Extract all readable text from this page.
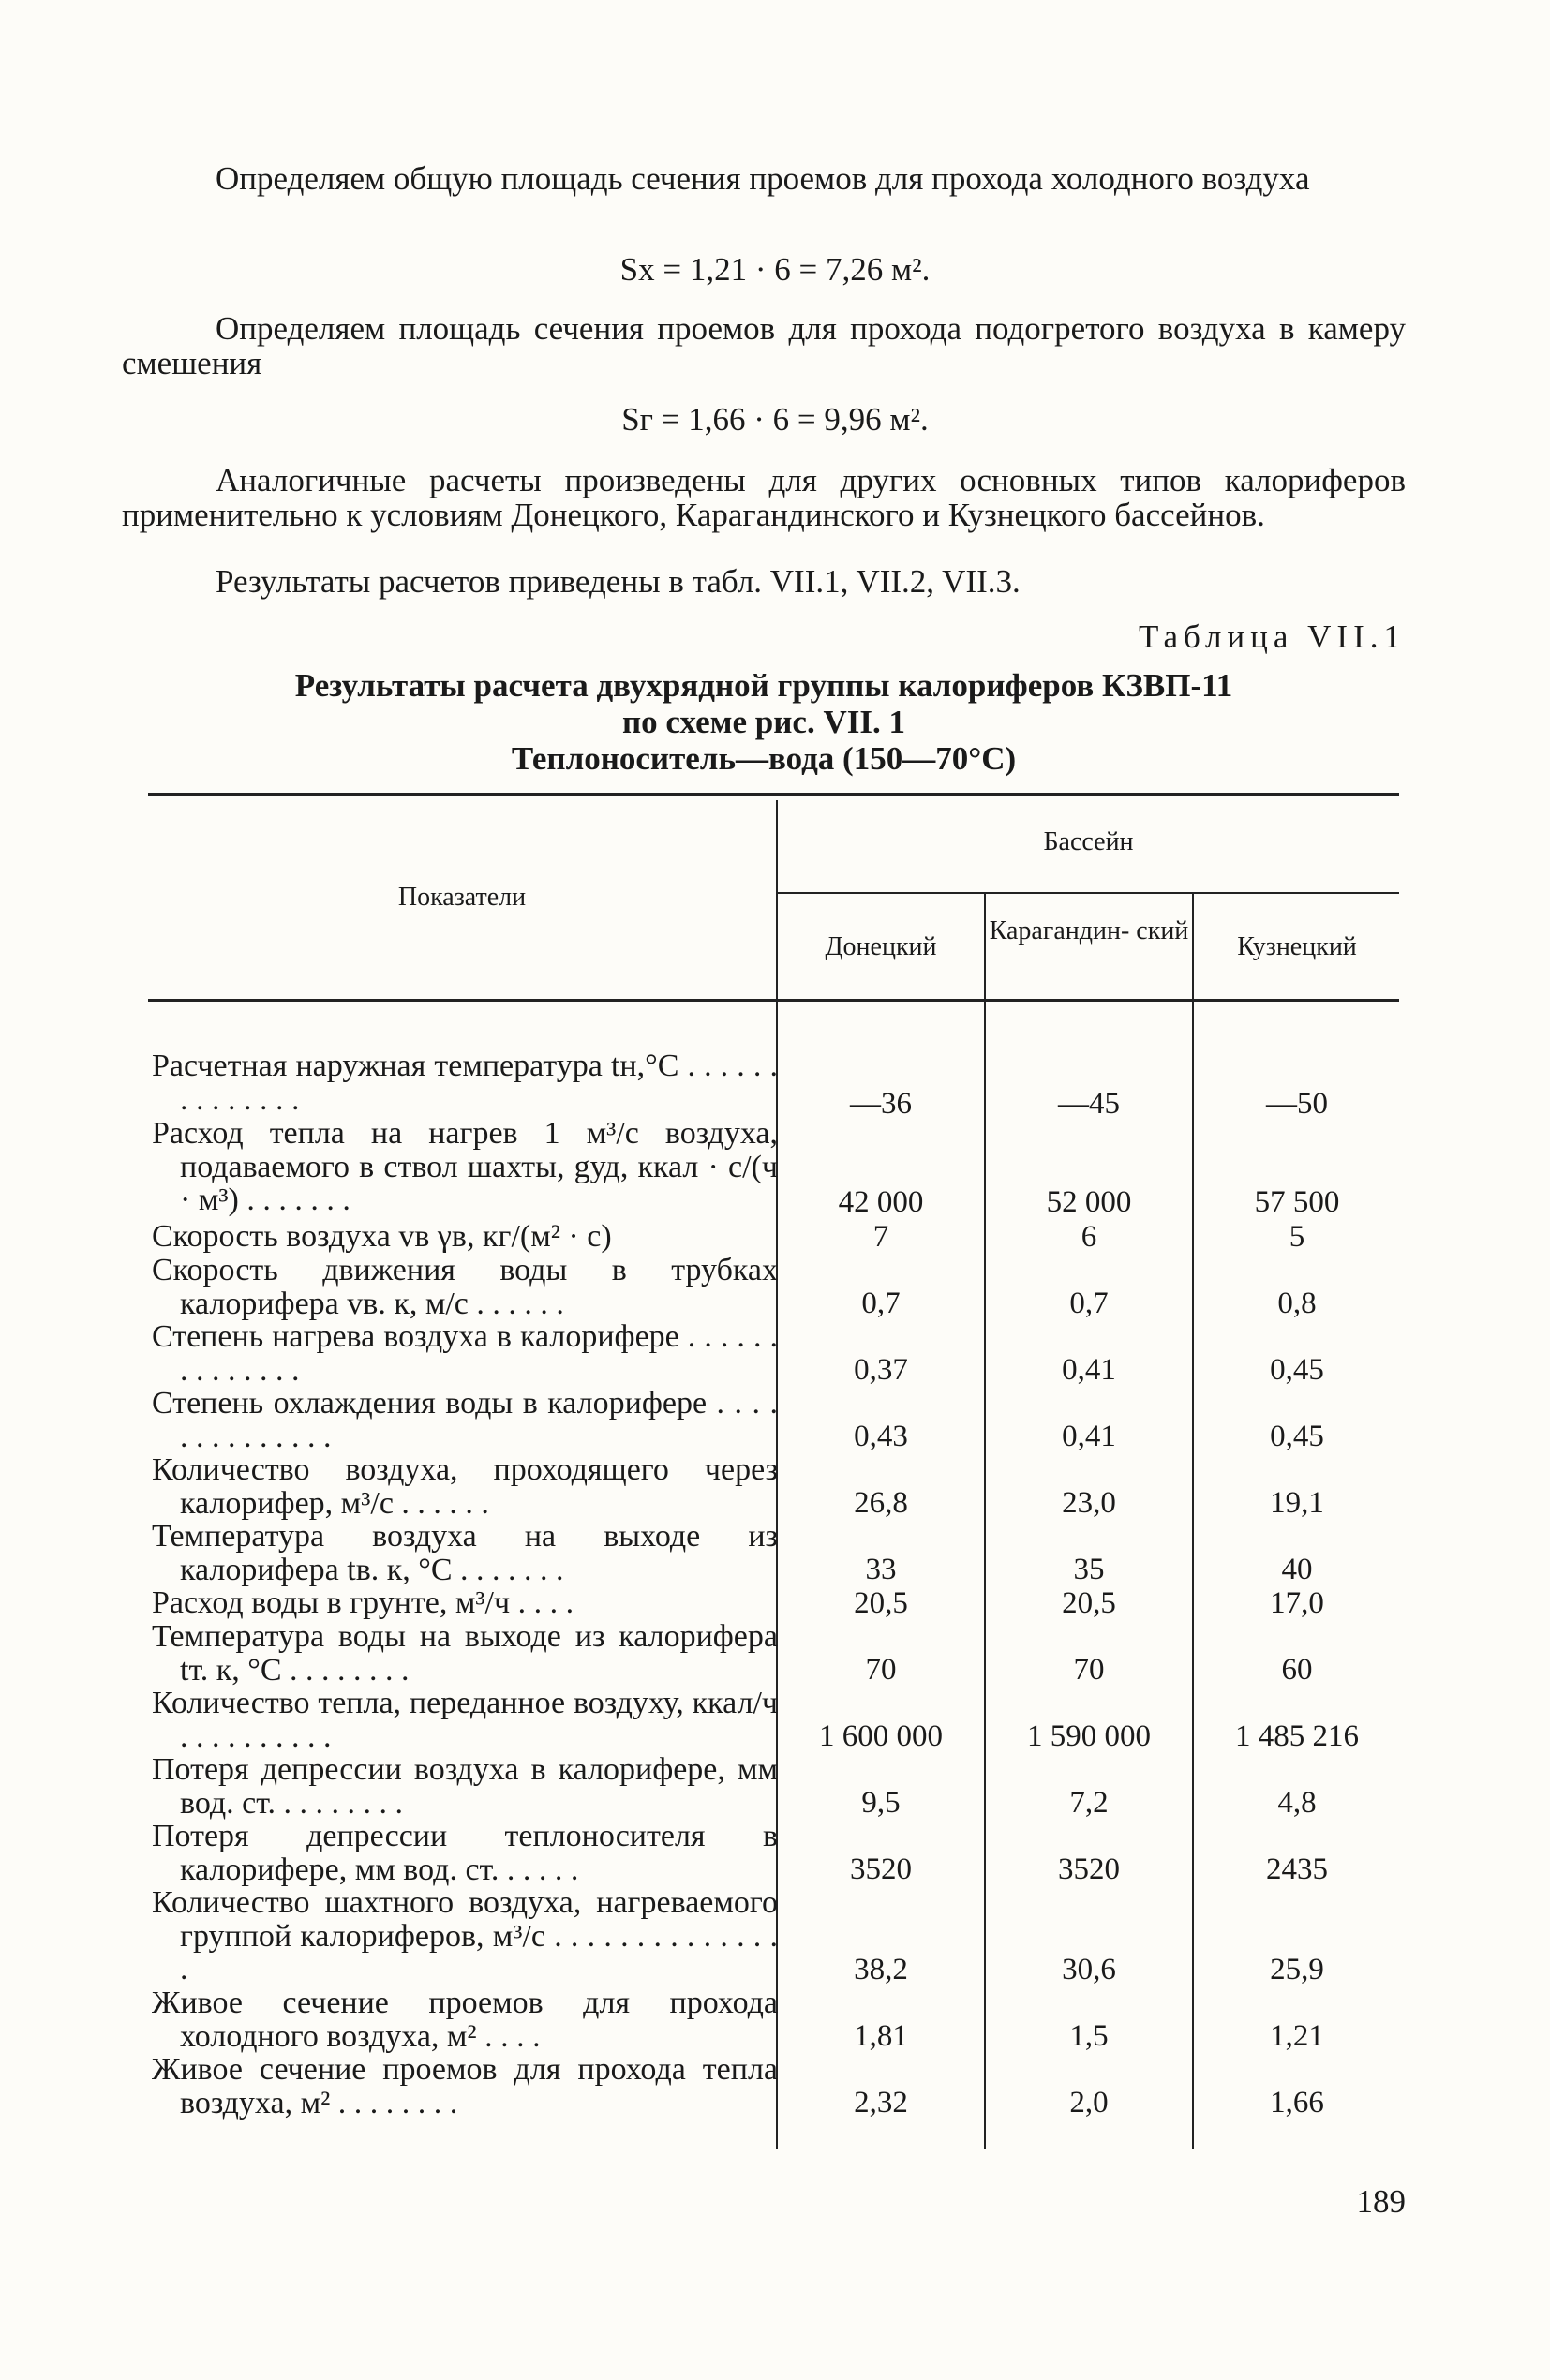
Определяем общую площадь сечения проемов для прохода холодного воздуха

Sх = 1,21 · 6 = 7,26 м².

Определяем площадь сечения проемов для прохода подогретого воздуха в камеру смешения

Sг = 1,66 · 6 = 9,96 м².

Аналогичные расчеты произведены для других основных типов калориферов применительно к условиям Донецкого, Карагандинского и Кузнецкого бассейнов.

Результаты расчетов приведены в табл. VII.1, VII.2, VII.3.

Таблица VII.1
Результаты расчета двухрядной группы калориферов КЗВП-11
по схеме рис. VII. 1
Теплоноситель—вода (150—70°C)
Показатели
Бассейн
Донецкий
Карагандин- ский
Кузнецкий
Расчетная наружная температура tн,°C . . . . . . . . . . . . . .	—36	—45	—50
Расход тепла на нагрев 1 м³/с воздуха, подаваемого в ствол шахты, gуд, ккал · с/(ч · м³) . . . . . . .	42 000	52 000	57 500
Скорость воздуха vв γв, кг/(м² · с)	7	6	5
Скорость движения воды в трубках калорифера vв. к, м/с . . . . . .	0,7	0,7	0,8
Степень нагрева воздуха в калорифере . . . . . . . . . . . . . .	0,37	0,41	0,45
Степень охлаждения воды в калорифере . . . . . . . . . . . . . .	0,43	0,41	0,45
Количество воздуха, проходящего через калорифер, м³/с . . . . . .	26,8	23,0	19,1
Температура воздуха на выходе из калорифера tв. к, °C . . . . . . .	33	35	40
Расход воды в грунте, м³/ч . . . .	20,5	20,5	17,0
Температура воды на выходе из калорифера tт. к, °C . . . . . . . .	70	70	60
Количество тепла, переданное воздуху, ккал/ч . . . . . . . . . .	1 600 000	1 590 000	1 485 216
Потеря депрессии воздуха в калорифере, мм вод. ст. . . . . . . . .	9,5	7,2	4,8
Потеря депрессии теплоносителя в калорифере, мм вод. ст. . . . . .	3520	3520	2435
Количество шахтного воздуха, нагреваемого группой калориферов, м³/с . . . . . . . . . . . . . . .	38,2	30,6	25,9
Живое сечение проемов для прохода холодного воздуха, м² . . . .	1,81	1,5	1,21
Живое сечение проемов для прохода тепла воздуха, м² . . . . . . . .	2,32	2,0	1,66
189
